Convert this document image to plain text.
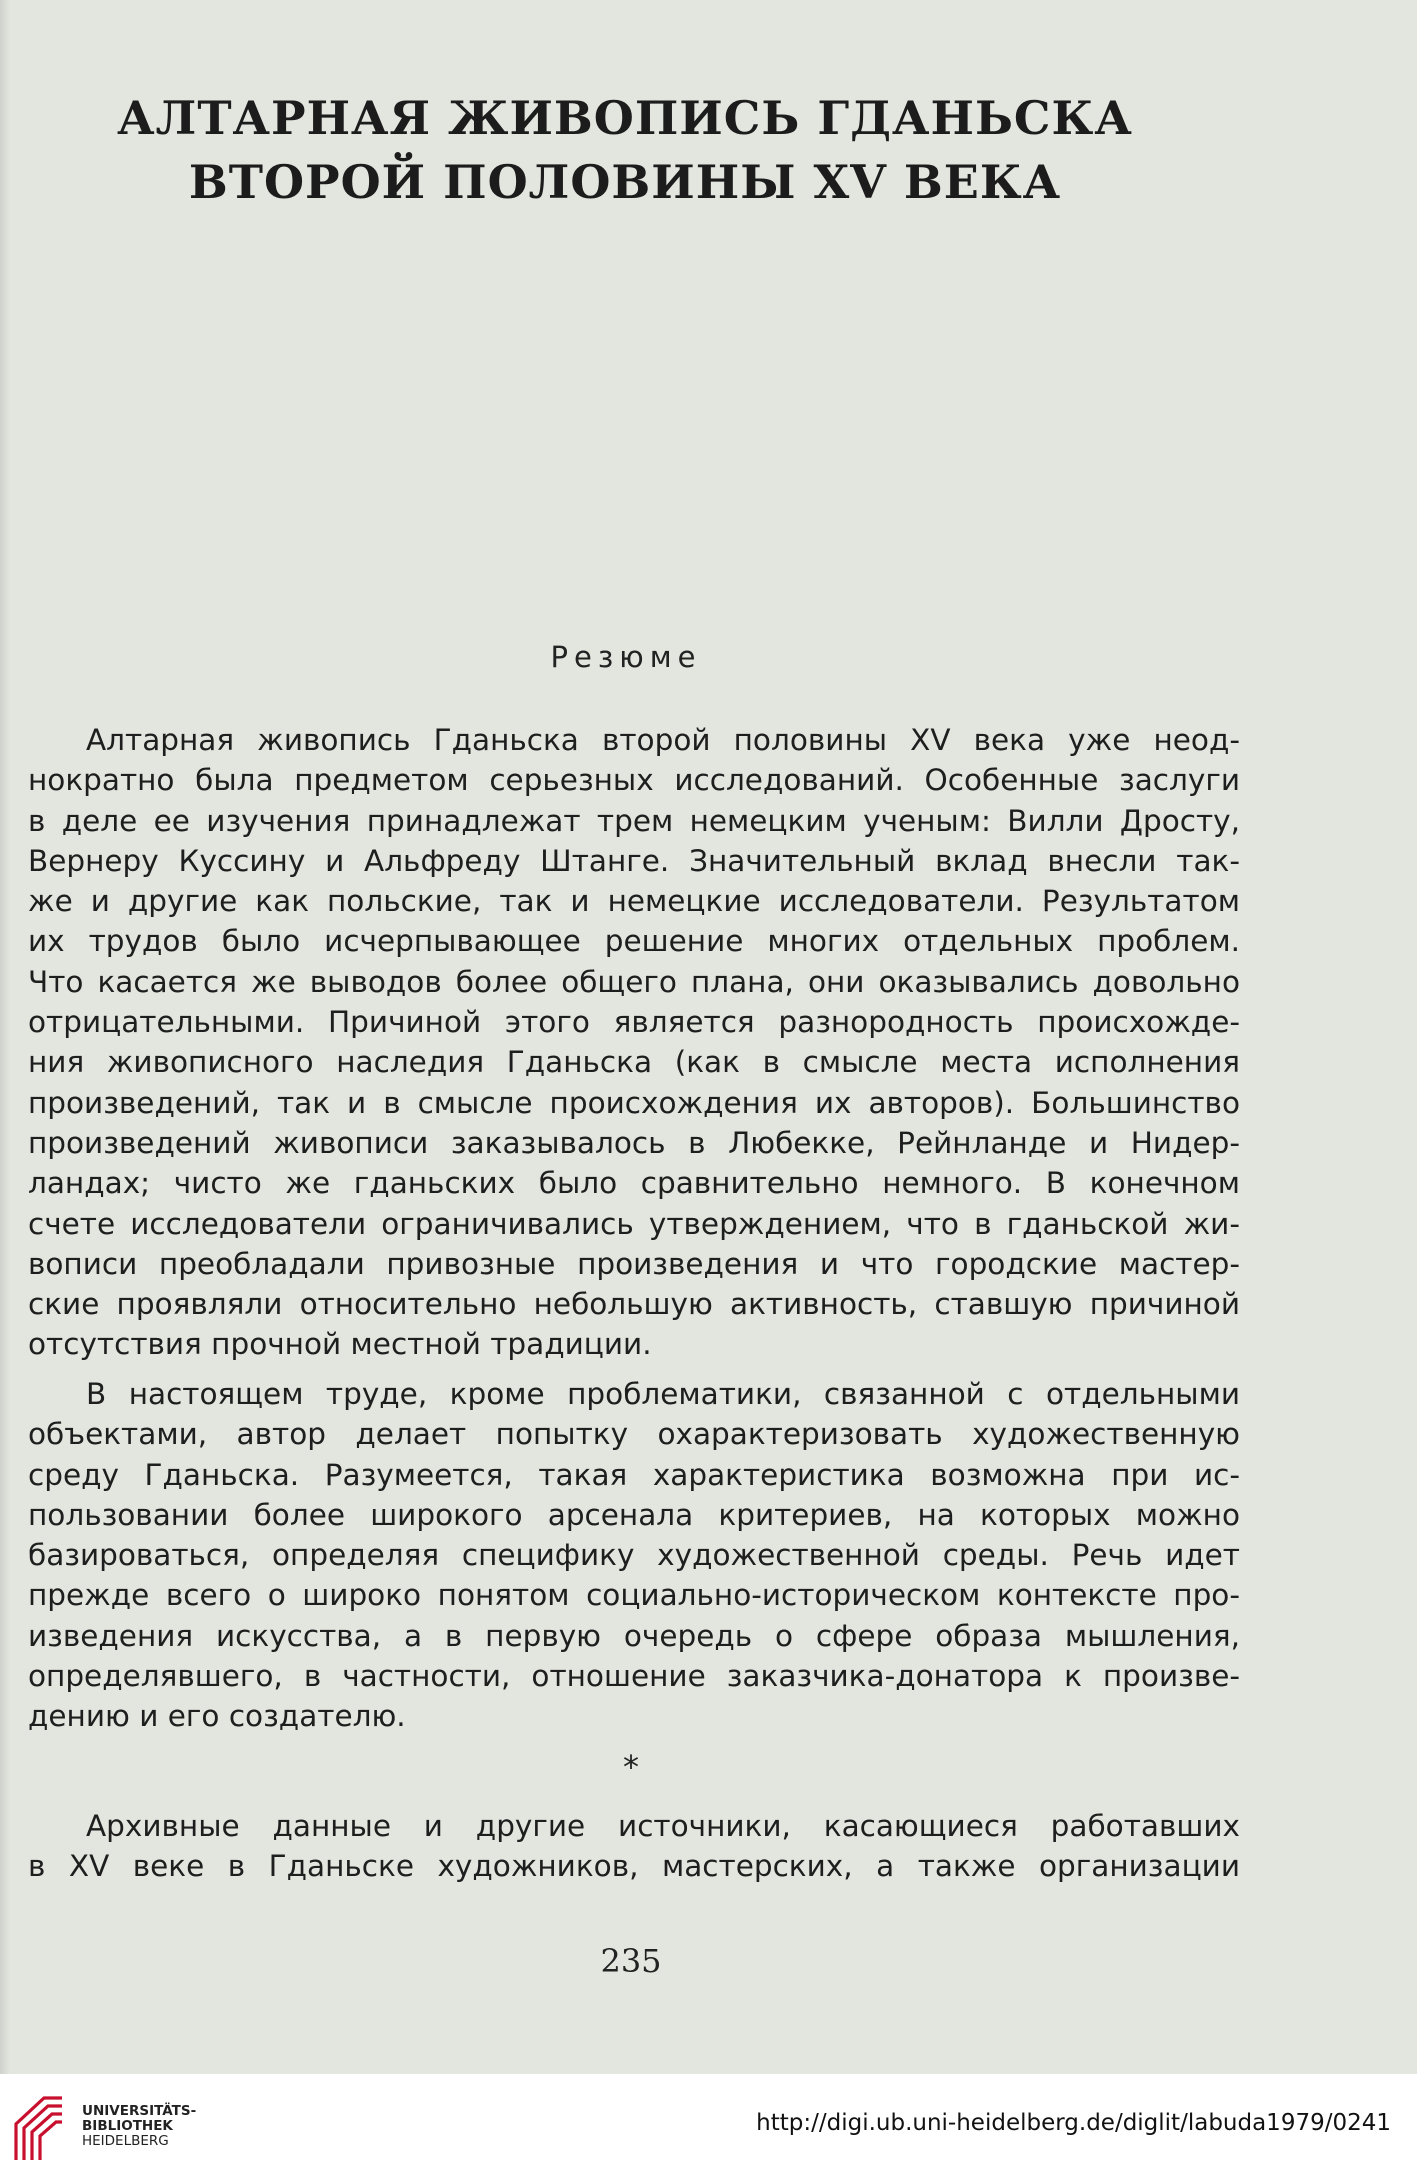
АЛТАРНАЯ ЖИВОПИСЬ ГДАНЬСКА
ВТОРОЙ ПОЛОВИНЫ XV ВЕКА
Резюме
Алтарная живопись Гданьска второй половины XV века уже неод-
нократно была предметом серьезных исследований. Особенные заслуги
в деле ее изучения принадлежат трем немецким ученым: Вилли Дросту,
Вернеру Куссину и Альфреду Штанге. Значительный вклад внесли так-
же и другие как польские, так и немецкие исследователи. Результатом
их трудов было исчерпывающее решение многих отдельных проблем.
Что касается же выводов более общего плана, они оказывались довольно
отрицательными. Причиной этого является разнородность происхожде-
ния живописного наследия Гданьска (как в смысле места исполнения
произведений, так и в смысле происхождения их авторов). Большинство
произведений живописи заказывалось в Любекке, Рейнланде и Нидер-
ландах; чисто же гданьских было сравнительно немного. В конечном
счете исследователи ограничивались утверждением, что в гданьской жи-
вописи преобладали привозные произведения и что городские мастер-
ские проявляли относительно небольшую активность, ставшую причиной
отсутствия прочной местной традиции.
В настоящем труде, кроме проблематики, связанной с отдельными
объектами, автор делает попытку охарактеризовать художественную
среду Гданьска. Разумеется, такая характеристика возможна при ис-
пользовании более широкого арсенала критериев, на которых можно
базироваться, определяя специфику художественной среды. Речь идет
прежде всего о широко понятом социально-историческом контексте про-
изведения искусства, а в первую очередь о сфере образа мышления,
определявшего, в частности, отношение заказчика-донатора к произве-
дению и его создателю.
*
Архивные данные и другие источники, касающиеся работавших
в XV веке в Гданьске художников, мастерских, а также организации
235
UNIVERSITÄTS-
BIBLIOTHEK
HEIDELBERG
http://digi.ub.uni-heidelberg.de/diglit/labuda1979/0241
